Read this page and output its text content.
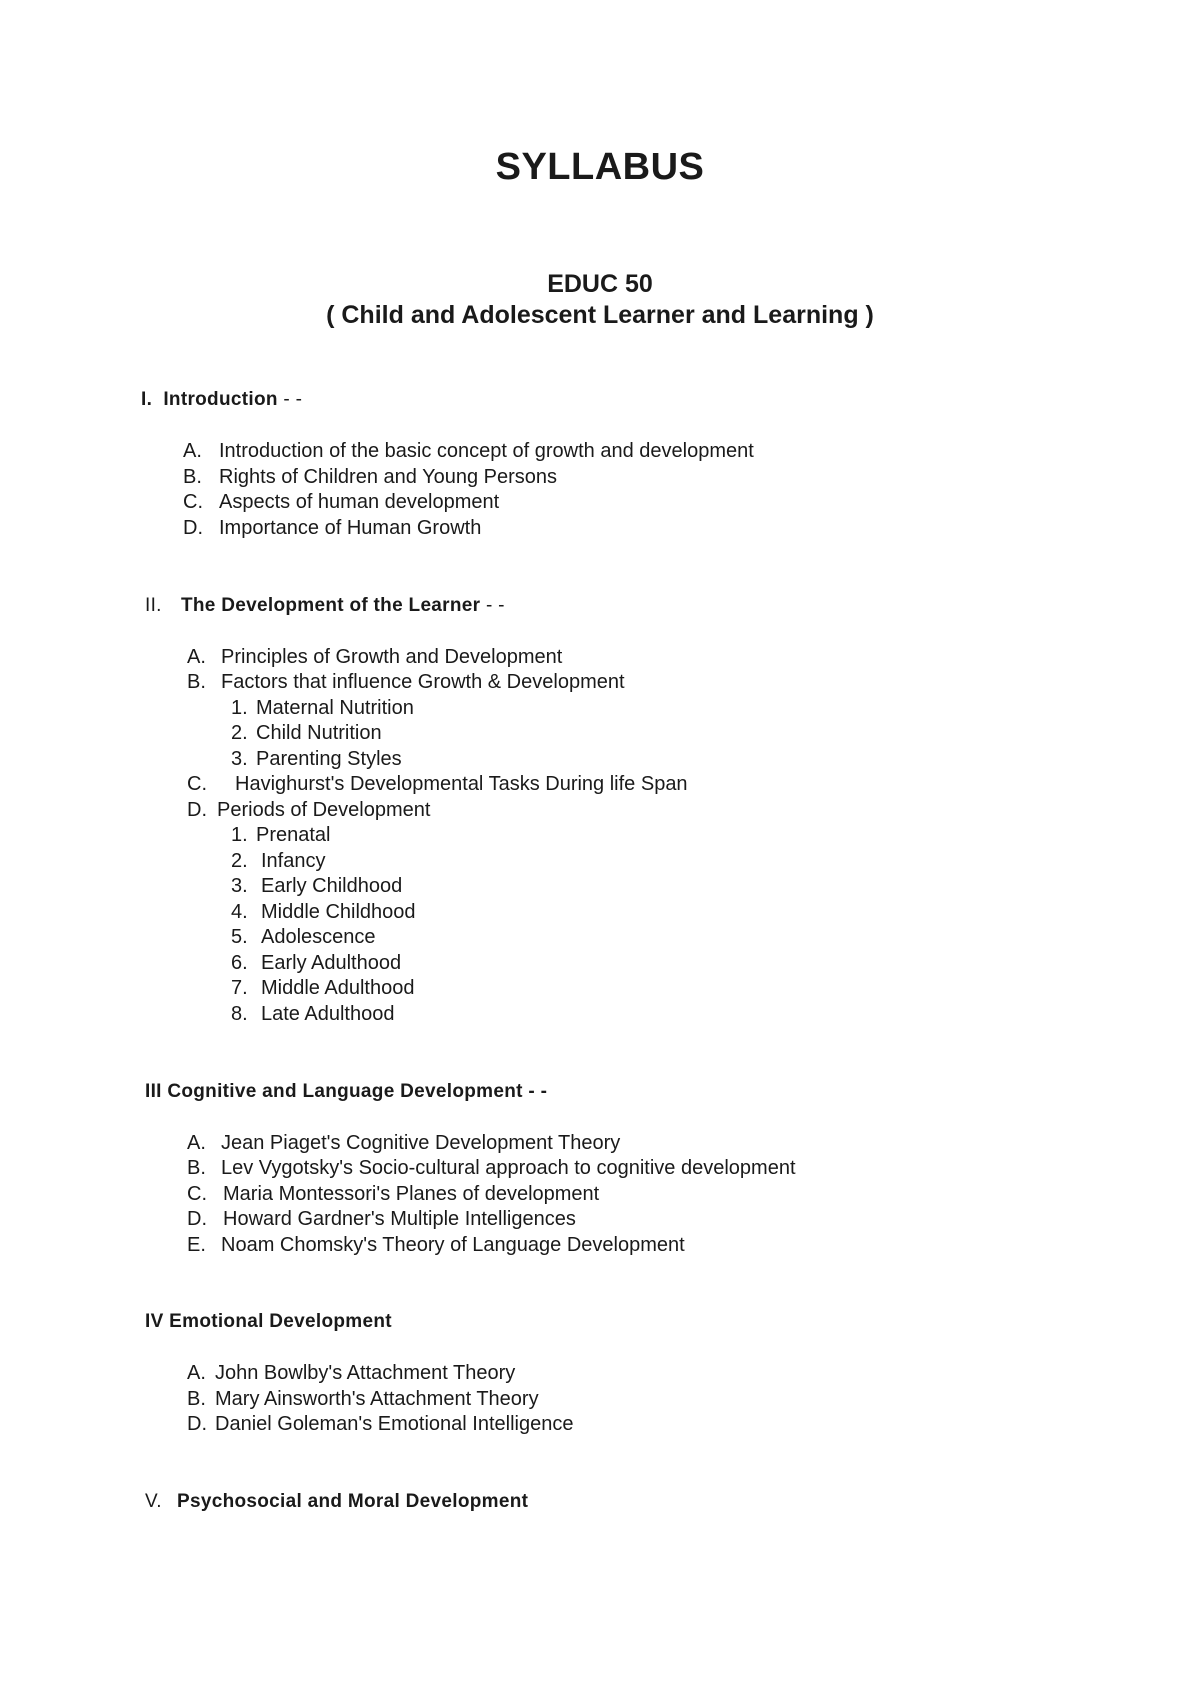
SYLLABUS
EDUC 50
( Child and Adolescent Learner and Learning )
I. Introduction - -
A. Introduction of the basic concept of growth and development
B. Rights of Children and Young Persons
C. Aspects of human development
D. Importance of Human Growth
II. The Development of the Learner - -
A. Principles of Growth and Development
B. Factors that influence Growth & Development
1. Maternal Nutrition
2. Child Nutrition
3. Parenting Styles
C. Havighurst's Developmental Tasks During life Span
D. Periods of Development
1. Prenatal
2. Infancy
3. Early Childhood
4. Middle Childhood
5. Adolescence
6. Early Adulthood
7. Middle Adulthood
8. Late Adulthood
III Cognitive and Language Development - -
A. Jean Piaget's Cognitive Development Theory
B. Lev Vygotsky's Socio-cultural approach to cognitive development
C. Maria Montessori's Planes of development
D. Howard Gardner's Multiple Intelligences
E. Noam Chomsky's Theory of Language Development
IV Emotional Development
A. John Bowlby's Attachment Theory
B. Mary Ainsworth's Attachment Theory
D. Daniel Goleman's Emotional Intelligence
V. Psychosocial and Moral Development
